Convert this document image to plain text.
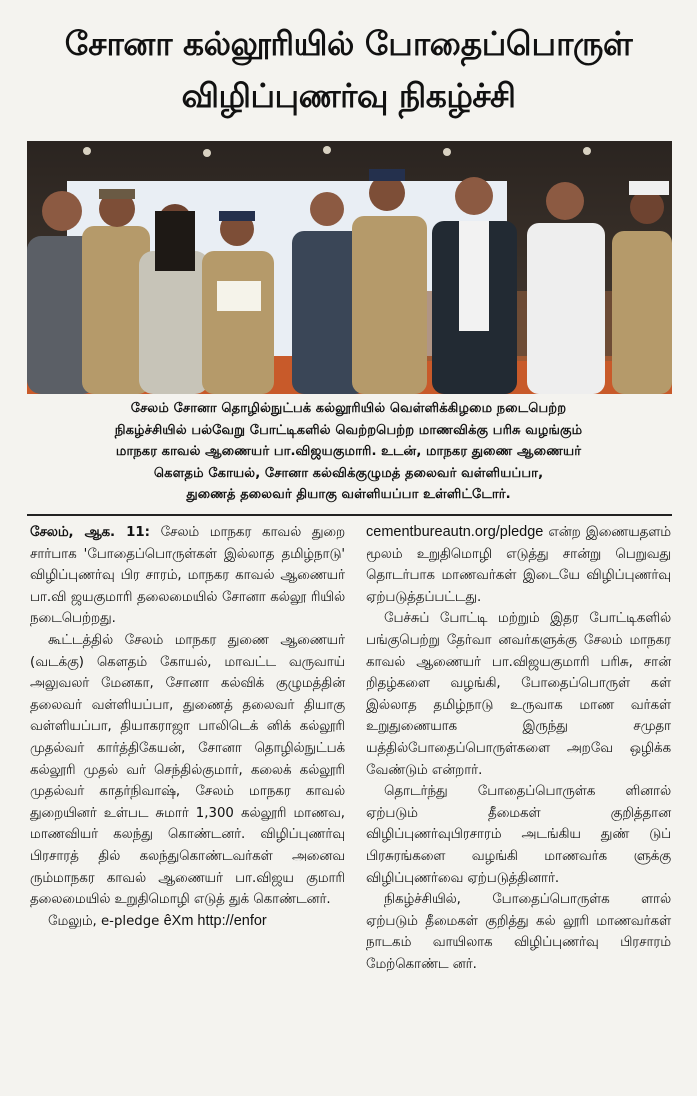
சோனா கல்லூரியில் போதைப்பொருள்
விழிப்புணர்வு நிகழ்ச்சி
சேலம் சோனா தொழில்நுட்பக் கல்லூரியில் வெள்ளிக்கிழமை நடைபெற்ற
நிகழ்ச்சியில் பல்வேறு போட்டிகளில் வெற்றபெற்ற மாணவிக்கு பரிசு வழங்கும்
மாநகர காவல் ஆணையர் பா.விஜயகுமாரி. உடன், மாநகர துணை ஆணையர்
கௌதம் கோயல், சோனா கல்விக்குழுமத் தலைவர் வள்ளியப்பா,
துணைத் தலைவர் தியாகு வள்ளியப்பா உள்ளிட்டோர்.

சேலம், ஆக. 11: சேலம் மாநகர காவல் துறை சார்பாக 'போதைப்பொருள்கள் இல்லாத தமிழ்நாடு' விழிப்புணர்வு பிர சாரம், மாநகர காவல் ஆணையர் பா.வி ஜயகுமாரி தலைமையில் சோனா கல்லூ ரியில் நடைபெற்றது.

கூட்டத்தில் சேலம் மாநகர துணை ஆணையர் (வடக்கு) கௌதம் கோயல், மாவட்ட வருவாய் அலுவலர் மேனகா, சோனா கல்விக் குழுமத்தின் தலைவர் வள்ளியப்பா, துணைத் தலைவர் தியாகு வள்ளியப்பா, தியாகராஜா பாலிடெக் னிக் கல்லூரி முதல்வர் கார்த்திகேயன், சோனா தொழில்நுட்பக் கல்லூரி முதல் வர் செந்தில்குமார், கலைக் கல்லூரி முதல்வர் காதர்நிவாஷ், சேலம் மாநகர காவல் துறையினர் உள்பட சுமார் 1,300 கல்லூரி மாணவ, மாணவியர் கலந்து கொண்டனர். விழிப்புணர்வு பிரசாரத் தில் கலந்துகொண்டவர்கள் அனைவ ரும்மாநகர காவல் ஆணையர் பா.விஜய குமாரி தலைமையில் உறுதிமொழி எடுத் துக் கொண்டனர்.

மேலும், e-pledge êXm http://enfor

cementbureautn.org/pledge என்ற இணையதளம் மூலம் உறுதிமொழி எடுத்து சான்று பெறுவது தொடர்பாக மாணவர்கள் இடையே விழிப்புணர்வு ஏற்படுத்தப்பட்டது.

பேச்சுப் போட்டி மற்றும் இதர போட்டிகளில் பங்குபெற்று தேர்வா னவர்களுக்கு சேலம் மாநகர காவல் ஆணையர் பா.விஜயகுமாரி பரிசு, சான் றிதழ்களை வழங்கி, போதைப்பொருள் கள் இல்லாத தமிழ்நாடு உருவாக மாண வர்கள் உறுதுணையாக இருந்து சமுதா யத்தில்போதைப்பொருள்களை அறவே ஒழிக்க வேண்டும் என்றார்.

தொடர்ந்து போதைப்பொருள்க ளினால் ஏற்படும் தீமைகள் குறித்தான விழிப்புணர்வுபிரசாரம் அடங்கிய துண் டுப் பிரசுரங்களை வழங்கி மாணவர்க ளுக்கு விழிப்புணர்வை ஏற்படுத்தினார்.

நிகழ்ச்சியில், போதைப்பொருள்க ளால் ஏற்படும் தீமைகள் குறித்து கல் லூரி மாணவர்கள் நாடகம் வாயிலாக விழிப்புணர்வு பிரசாரம் மேற்கொண்ட னர்.
